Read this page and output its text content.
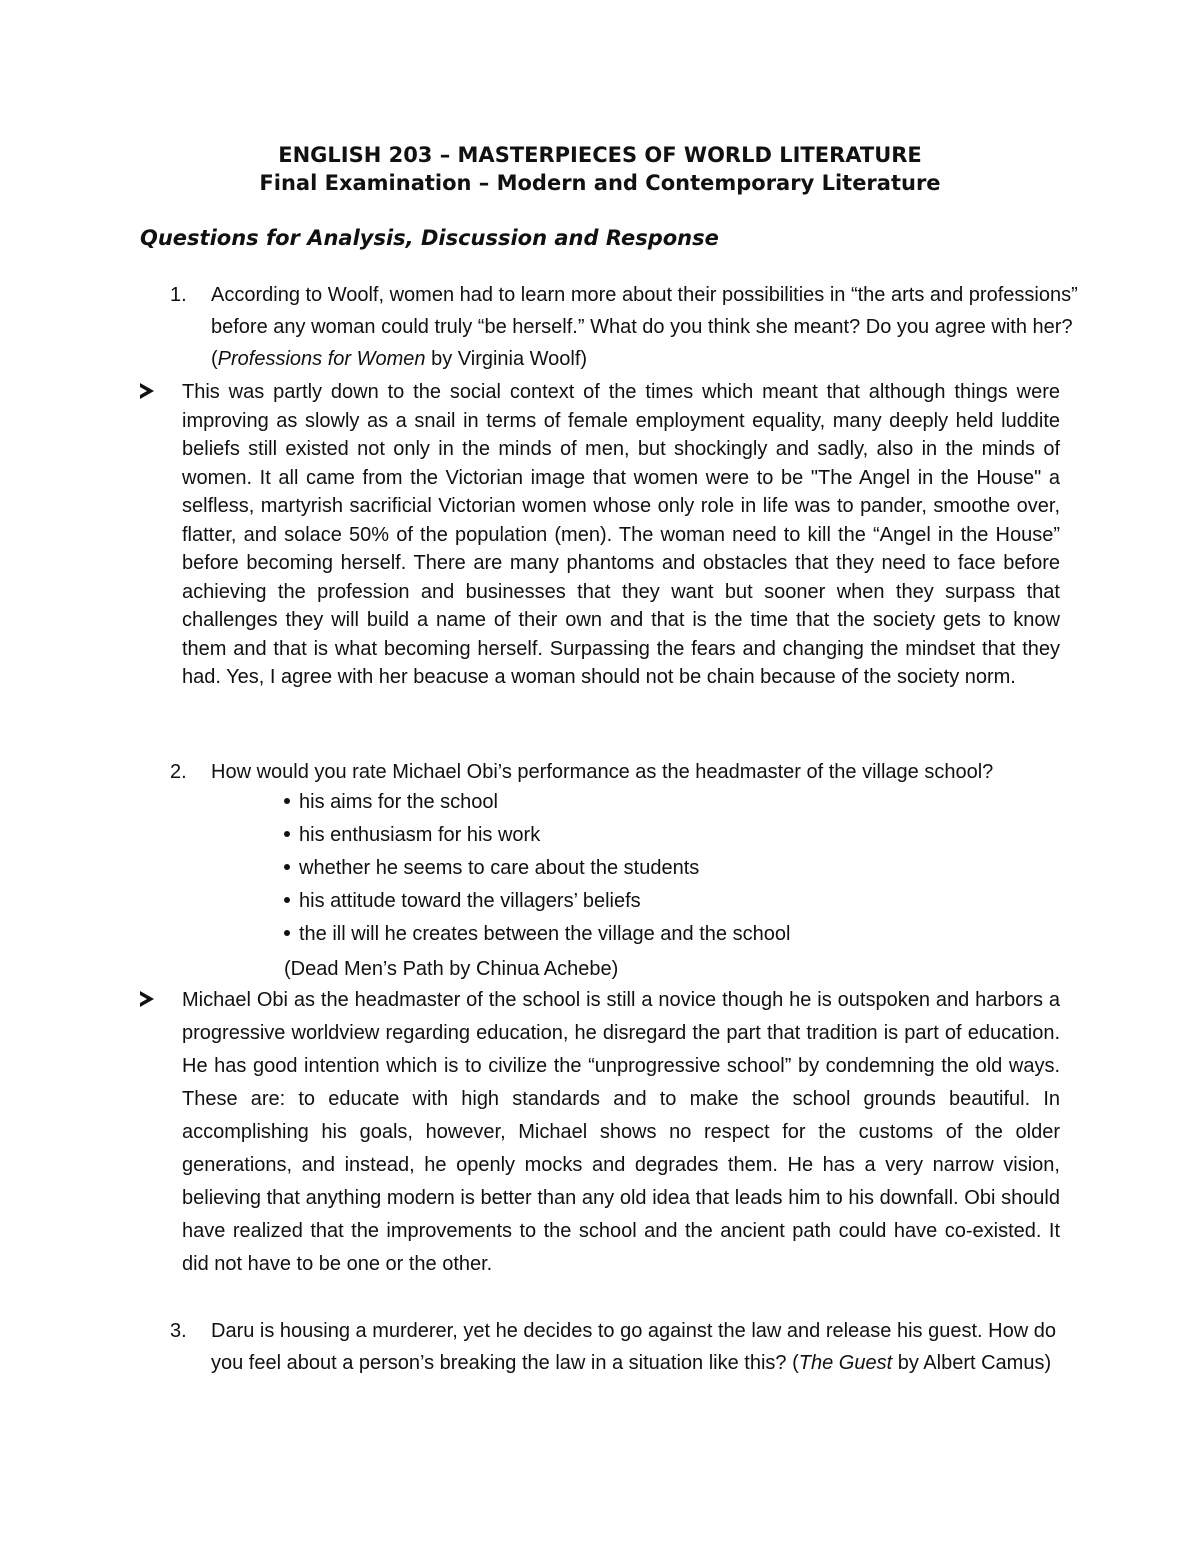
ENGLISH 203 – MASTERPIECES OF WORLD LITERATURE
Final Examination – Modern and Contemporary Literature
Questions for Analysis, Discussion and Response
1. According to Woolf, women had to learn more about their possibilities in “the arts and professions” before any woman could truly “be herself.” What do you think she meant? Do you agree with her? (Professions for Women by Virginia Woolf)
This was partly down to the social context of the times which meant that although things were improving as slowly as a snail in terms of female employment equality, many deeply held luddite beliefs still existed not only in the minds of men, but shockingly and sadly, also in the minds of women. It all came from the Victorian image that women were to be "The Angel in the House" a selfless, martyrish sacrificial Victorian women whose only role in life was to pander, smoothe over, flatter, and solace 50% of the population (men). The woman need to kill the “Angel in the House” before becoming herself. There are many phantoms and obstacles that they need to face before achieving the profession and businesses that they want but sooner when they surpass that challenges they will build a name of their own and that is the time that the society gets to know them and that is what becoming herself. Surpassing the fears and changing the mindset that they had. Yes, I agree with her beacuse a woman should not be chain because of the society norm.
2. How would you rate Michael Obi’s performance as the headmaster of the village school?
his aims for the school
his enthusiasm for his work
whether he seems to care about the students
his attitude toward the villagers’ beliefs
the ill will he creates between the village and the school
(Dead Men’s Path by Chinua Achebe)
Michael Obi as the headmaster of the school is still a novice though he is outspoken and harbors a progressive worldview regarding education, he disregard the part that tradition is part of education. He has good intention which is to civilize the “unprogressive school” by condemning the old ways. These are: to educate with high standards and to make the school grounds beautiful. In accomplishing his goals, however, Michael shows no respect for the customs of the older generations, and instead, he openly mocks and degrades them. He has a very narrow vision, believing that anything modern is better than any old idea that leads him to his downfall. Obi should have realized that the improvements to the school and the ancient path could have co-existed. It did not have to be one or the other.
3. Daru is housing a murderer, yet he decides to go against the law and release his guest. How do you feel about a person’s breaking the law in a situation like this? (The Guest by Albert Camus)
